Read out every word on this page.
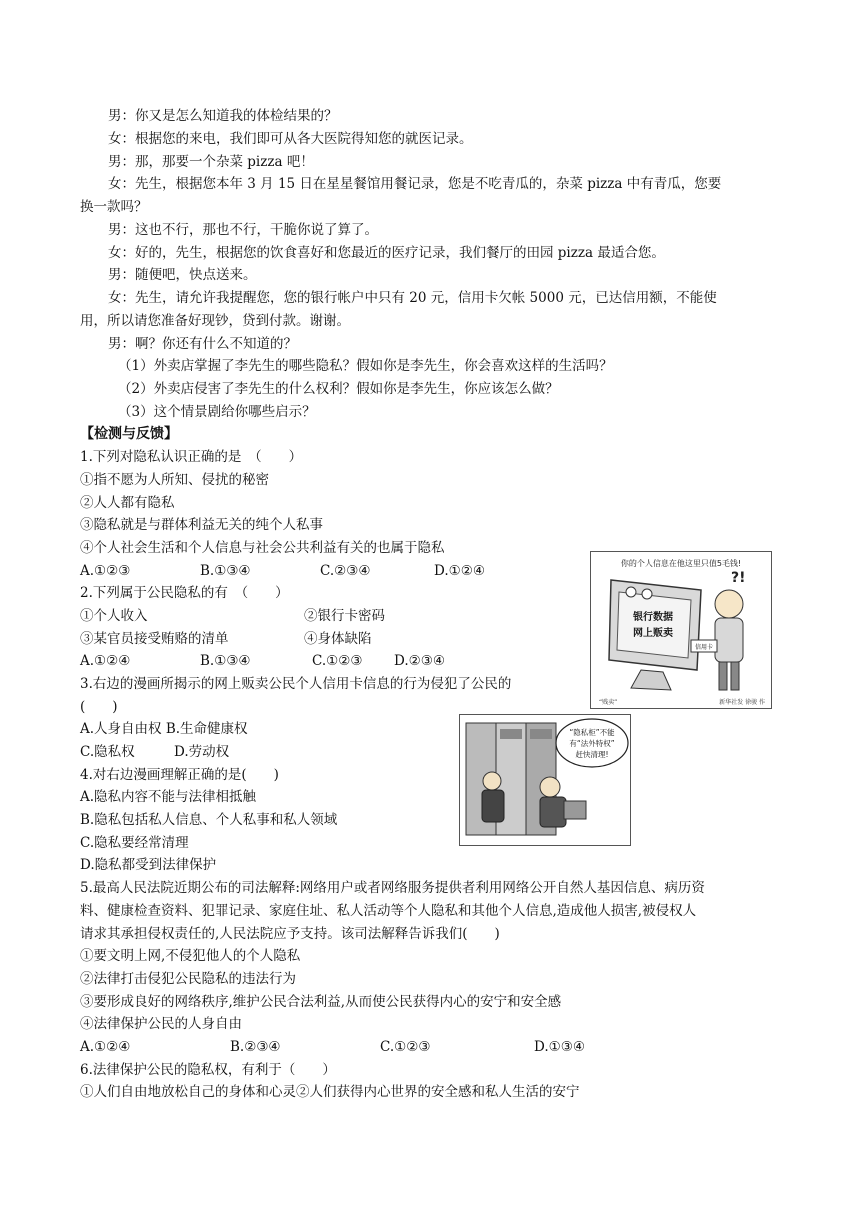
男：你又是怎么知道我的体检结果的？
女：根据您的来电，我们即可从各大医院得知您的就医记录。
男：那，那要一个杂菜 pizza 吧！
女：先生，根据您本年 3 月 15 日在星星餐馆用餐记录，您是不吃青瓜的，杂菜 pizza 中有青瓜，您要
换一款吗？
男：这也不行，那也不行，干脆你说了算了。
女：好的，先生，根据您的饮食喜好和您最近的医疗记录，我们餐厅的田园 pizza 最适合您。
男：随便吧，快点送来。
女：先生，请允许我提醒您，您的银行帐户中只有 20 元，信用卡欠帐 5000 元，已达信用额，不能使
用，所以请您准备好现钞，贷到付款。谢谢。
男：啊？你还有什么不知道的？
（1）外卖店掌握了李先生的哪些隐私？假如你是李先生，你会喜欢这样的生活吗？
（2）外卖店侵害了李先生的什么权利？假如你是李先生，你应该怎么做？
（3）这个情景剧给你哪些启示？
【检测与反馈】
1.下列对隐私认识正确的是　（　　）
①指不愿为人所知、侵扰的秘密
②人人都有隐私
③隐私就是与群体利益无关的纯个人私事
④个人社会生活和个人信息与社会公共利益有关的也属于隐私
A.①②③	B.①③④	C.②③④	D.①②④
2.下列属于公民隐私的有　（　　）
①个人收入	②银行卡密码
③某官员接受贿赂的清单	④身体缺陷
A.①②④	B.①③④	C.①②③ D.②③④
3.右边的漫画所揭示的网上贩卖公民个人信用卡信息的行为侵犯了公民的
(　　)
A.人身自由权 B.生命健康权
C.隐私权	D.劳动权
4.对右边漫画理解正确的是(　　)
A.隐私内容不能与法律相抵触
B.隐私包括私人信息、个人私事和私人领域
C.隐私要经常清理
D.隐私都受到法律保护
5.最高人民法院近期公布的司法解释:网络用户或者网络服务提供者利用网络公开自然人基因信息、病历资
料、健康检查资料、犯罪记录、家庭住址、私人活动等个人隐私和其他个人信息,造成他人损害,被侵权人
请求其承担侵权责任的,人民法院应予支持。该司法解释告诉我们(　　)
①要文明上网,不侵犯他人的个人隐私
②法律打击侵犯公民隐私的违法行为
③要形成良好的网络秩序,维护公民合法利益,从而使公民获得内心的安宁和安全感
④法律保护公民的人身自由
A.①②④	B.②③④	C.①②③	D.①③④
6.法律保护公民的隐私权，有利于（　　）
①人们自由地放松自己的身体和心灵②人们获得内心世界的安全感和私人生活的安宁
你的个人信息在他这里只值5毛钱!
银行数据
网上贩卖
信用卡
?!
“贱卖”	新华社发 徐骏 作
“隐私柜”不能
有“法外特权”
赶快清理!
